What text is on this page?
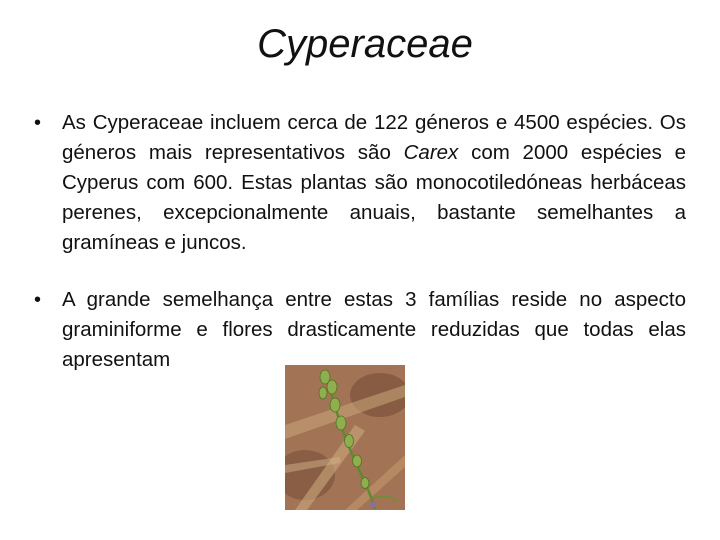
Cyperaceae
• As Cyperaceae incluem cerca de 122 géneros e 4500 espécies. Os géneros mais representativos são Carex com 2000 espécies e Cyperus com 600. Estas plantas são monocotiledóneas herbáceas perenes, excepcionalmente anuais, bastante semelhantes a gramíneas e juncos.
• A grande semelhança entre estas 3 famílias reside no aspecto graminiforme e flores drasticamente reduzidas que todas elas apresentam
